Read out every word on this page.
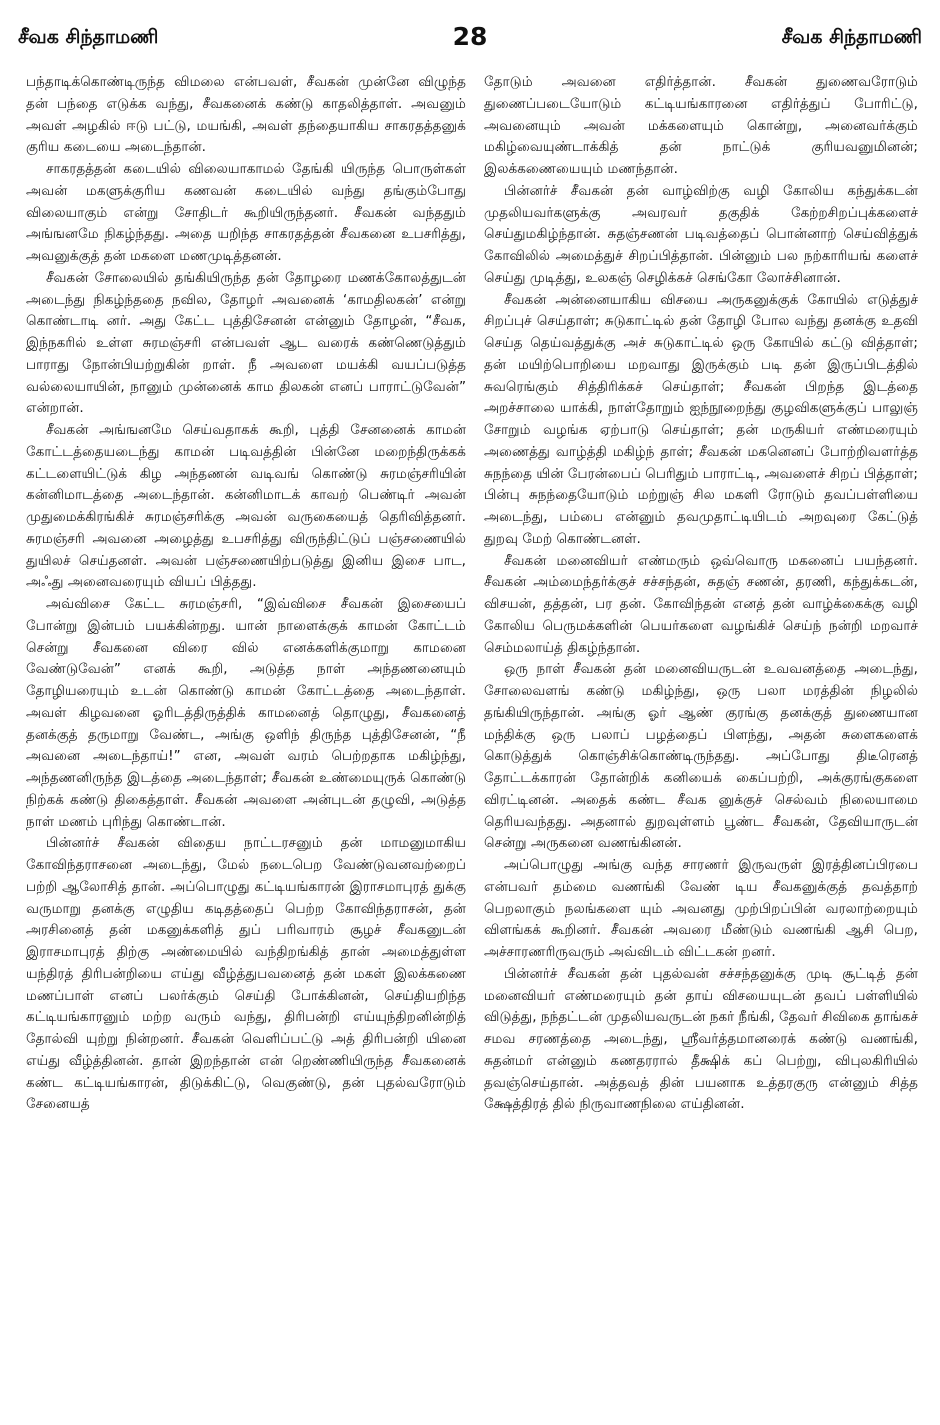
சீவக சிந்தாமணி	28	சீவக சிந்தாமணி

பந்தாடிக்கொண்டிருந்த விமலை என்பவள், சீவகன் முன்னே விழுந்த தன் பந்தை எடுக்க வந்து, சீவகனைக் கண்டு காதலித்தாள். அவனும் அவள் அழகில் ஈடு பட்டு, மயங்கி, அவள் தந்தையாகிய சாகரதத்தனுக் குரிய கடையை அடைந்தான்.

சாகரதத்தன் கடையில் விலையாகாமல் தேங்கி யிருந்த பொருள்கள் அவன் மகளுக்குரிய கணவன் கடையில் வந்து தங்கும்போது விலையாகும் என்று சோதிடர் கூறியிருந்தனர். சீவகன் வந்ததும் அங்ஙனமே நிகழ்ந்தது. அதை யறிந்த சாகரதத்தன் சீவகனை உபசரித்து, அவனுக்குத் தன் மகளை மணமுடித்தனன்.

சீவகன் சோலையில் தங்கியிருந்த தன் தோழரை மணக்கோலத்துடன் அடைந்து நிகழ்ந்ததை நவில, தோழர் அவனைக் ‘காமதிலகன்’ என்று கொண்டாடி னர். அது கேட்ட புத்திசேனன் என்னும் தோழன், “சீவக, இந்நகரில் உள்ள சுரமஞ்சரி என்பவள் ஆட வரைக் கண்ணெடுத்தும் பாராது நோன்பியற்றுகின் றாள். நீ அவளை மயக்கி வயப்படுத்த வல்லையாயின், நானும் முன்னைக் காம திலகன் எனப் பாராட்டுவேன்” என்றான்.

சீவகன் அங்ஙனமே செய்வதாகக் கூறி, புத்தி சேனனைக் காமன் கோட்டத்தையடைந்து காமன் படிவத்தின் பின்னே மறைந்திருக்கக் கட்டளையிட்டுக் கிழ அந்தணன் வடிவங் கொண்டு சுரமஞ்சரியின் கன்னிமாடத்தை அடைந்தான். கன்னிமாடக் காவற் பெண்டிர் அவன் முதுமைக்கிரங்கிச் சுரமஞ்சரிக்கு அவன் வருகையைத் தெரிவித்தனர். சுரமஞ்சரி அவனை அழைத்து உபசரித்து விருந்திட்டுப் பஞ்சணையில் துயிலச் செய்தனள். அவன் பஞ்சணையிற்படுத்து இனிய இசை பாட, அஃது அனைவரையும் வியப் பித்தது.

அவ்விசை கேட்ட சுரமஞ்சரி, “இவ்விசை சீவகன் இசையைப் போன்று இன்பம் பயக்கின்றது. யான் நாளைக்குக் காமன் கோட்டம் சென்று சீவகனை விரை வில் எனக்களிக்குமாறு காமனை வேண்டுவேன்” எனக் கூறி, அடுத்த நாள் அந்தணனையும் தோழியரையும் உடன் கொண்டு காமன் கோட்டத்தை அடைந்தாள். அவள் கிழவனை ஓரிடத்திருத்திக் காமனைத் தொழுது, சீவகனைத் தனக்குத் தருமாறு வேண்ட, அங்கு ஒளிந் திருந்த புத்திசேனன், “நீ அவனை அடைந்தாய்!” என, அவள் வரம் பெற்றதாக மகிழ்ந்து, அந்தணனிருந்த இடத்தை அடைந்தாள்; சீவகன் உண்மையுருக் கொண்டு நிற்கக் கண்டு திகைத்தாள். சீவகன் அவளை அன்புடன் தழுவி, அடுத்த நாள் மணம் புரிந்து கொண்டான்.

பின்னர்ச் சீவகன் விதைய நாட்டரசனும் தன் மாமனுமாகிய கோவிந்தராசனை அடைந்து, மேல் நடைபெற வேண்டுவனவற்றைப் பற்றி ஆலோசித் தான். அப்பொழுது கட்டியங்காரன் இராசமாபுரத் துக்கு வருமாறு தனக்கு எழுதிய கடிதத்தைப் பெற்ற கோவிந்தராசன், தன் அரசினைத் தன் மகனுக்களித் துப் பரிவாரம் சூழச் சீவகனுடன் இராசமாபுரத் திற்கு அண்மையில் வந்திறங்கித் தான் அமைத்துள்ள யந்திரத் திரிபன்றியை எய்து வீழ்த்துபவனைத் தன் மகள் இலக்கணை மணப்பாள் எனப் பலர்க்கும் செய்தி போக்கினன், செய்தியறிந்த கட்டியங்காரனும் மற்ற வரும் வந்து, திரிபன்றி எய்யுந்திறனின்றித் தோல்வி யுற்று நின்றனர். சீவகன் வெளிப்பட்டு அத் திரிபன்றி யினை எய்து வீழ்த்தினன். தான் இறந்தான் என் றெண்ணியிருந்த சீவகனைக் கண்ட கட்டியங்காரன், திடுக்கிட்டு, வெகுண்டு, தன் புதல்வரோடும் சேனையத்

தோடும் அவனை எதிர்த்தான். சீவகன் துணைவரோடும் துணைப்படையோடும் கட்டியங்காரனை எதிர்த்துப் போரிட்டு, அவனையும் அவன் மக்களையும் கொன்று, அனைவர்க்கும் மகிழ்வையுண்டாக்கித் தன் நாட்டுக் குரியவனுமினன்; இலக்கணையையும் மணந்தான்.

பின்னர்ச் சீவகன் தன் வாழ்விற்கு வழி கோலிய கந்துக்கடன் முதலியவர்களுக்கு அவரவர் தகுதிக் கேற்றசிறப்புக்களைச் செய்துமகிழ்ந்தான். சுதஞ்சணன் படிவத்தைப் பொன்னாற் செய்வித்துக் கோவிலில் அமைத்துச் சிறப்பித்தான். பின்னும் பல நற்காரியங் களைச் செய்து முடித்து, உலகஞ் செழிக்கச் செங்கோ லோச்சினான்.

சீவகன் அன்னையாகிய விசயை அருகனுக்குக் கோயில் எடுத்துச் சிறப்புச் செய்தாள்; சுடுகாட்டில் தன் தோழி போல வந்து தனக்கு உதவி செய்த தெய்வத்துக்கு அச் சுடுகாட்டில் ஒரு கோயில் கட்டு வித்தாள்; தன் மயிற்பொறியை மறவாது இருக்கும் படி தன் இருப்பிடத்தில் சுவரெங்கும் சித்திரிக்கச் செய்தாள்; சீவகன் பிறந்த இடத்தை அறச்சாலை யாக்கி, நாள்தோறும் ஐந்நூறைந்து குழவிகளுக்குப் பாலுஞ் சோறும் வழங்க ஏற்பாடு செய்தாள்; தன் மருகியர் எண்மரையும் அணைத்து வாழ்த்தி மகிழ்ந் தாள்; சீவகன் மகனெனப் போற்றிவளர்த்த சுநந்தை யின் பேரன்பைப் பெரிதும் பாராட்டி, அவளைச் சிறப் பித்தாள்; பின்பு சுநந்தையோடும் மற்றுஞ் சில மகளி ரோடும் தவப்பள்ளியை அடைந்து, பம்பை என்னும் தவமுதாட்டியிடம் அறவுரை கேட்டுத் துறவு மேற் கொண்டனள்.

சீவகன் மனைவியர் எண்மரும் ஒவ்வொரு மகனைப் பயந்தனர். சீவகன் அம்மைந்தர்க்குச் சச்சந்தன், சுதஞ் சணன், தரணி, கந்துக்கடன், விசயன், தத்தன், பர தன். கோவிந்தன் எனத் தன் வாழ்க்கைக்கு வழி கோலிய பெருமக்களின் பெயர்களை வழங்கிச் செய்ந் நன்றி மறவாச் செம்மலாய்த் திகழ்ந்தான்.

ஒரு நாள் சீவகன் தன் மனைவியருடன் உவவனத்தை அடைந்து, சோலைவளங் கண்டு மகிழ்ந்து, ஒரு பலா மரத்தின் நிழலில் தங்கியிருந்தான். அங்கு ஓர் ஆண் குரங்கு தனக்குத் துணையான மந்திக்கு ஒரு பலாப் பழத்தைப் பிளந்து, அதன் சுளைகளைக் கொடுத்துக் கொஞ்சிக்கொண்டிருந்தது. அப்போது திடீரெனத் தோட்டக்காரன் தோன்றிக் கனியைக் கைப்பற்றி, அக்குரங்குகளை விரட்டினன். அதைக் கண்ட சீவக னுக்குச் செல்வம் நிலையாமை தெரியவந்தது. அதனால் துறவுள்ளம் பூண்ட சீவகன், தேவியாருடன் சென்று அருகனை வணங்கினன்.

அப்பொழுது அங்கு வந்த சாரணர் இருவருள் இரத்தினப்பிரபை என்பவர் தம்மை வணங்கி வேண் டிய சீவகனுக்குத் தவத்தாற் பெறலாகும் நலங்களை யும் அவனது முற்பிறப்பின் வரலாற்றையும் விளங்கக் கூறினர். சீவகன் அவரை மீண்டும் வணங்கி ஆசி பெற, அச்சாரணரிருவரும் அவ்விடம் விட்டகன் றனர்.

பின்னர்ச் சீவகன் தன் புதல்வன் சச்சந்தனுக்கு முடி சூட்டித் தன் மனைவியர் எண்மரையும் தன் தாய் விசயையுடன் தவப் பள்ளியில் விடுத்து, நந்தட்டன் முதலியவருடன் நகர் நீங்கி, தேவர் சிவிகை தாங்கச் சமவ சரணத்தை அடைந்து, ஸ்ரீவர்த்தமானரைக் கண்டு வணங்கி, சுதன்மர் என்னும் கணதரரால் தீக்ஷிக் கப் பெற்று, விபுலகிரியில் தவஞ்செய்தான். அத்தவத் தின் பயனாக உத்தரகுரு என்னும் சித்த க்ஷேத்திரத் தில் நிருவாணநிலை எய்தினன்.
